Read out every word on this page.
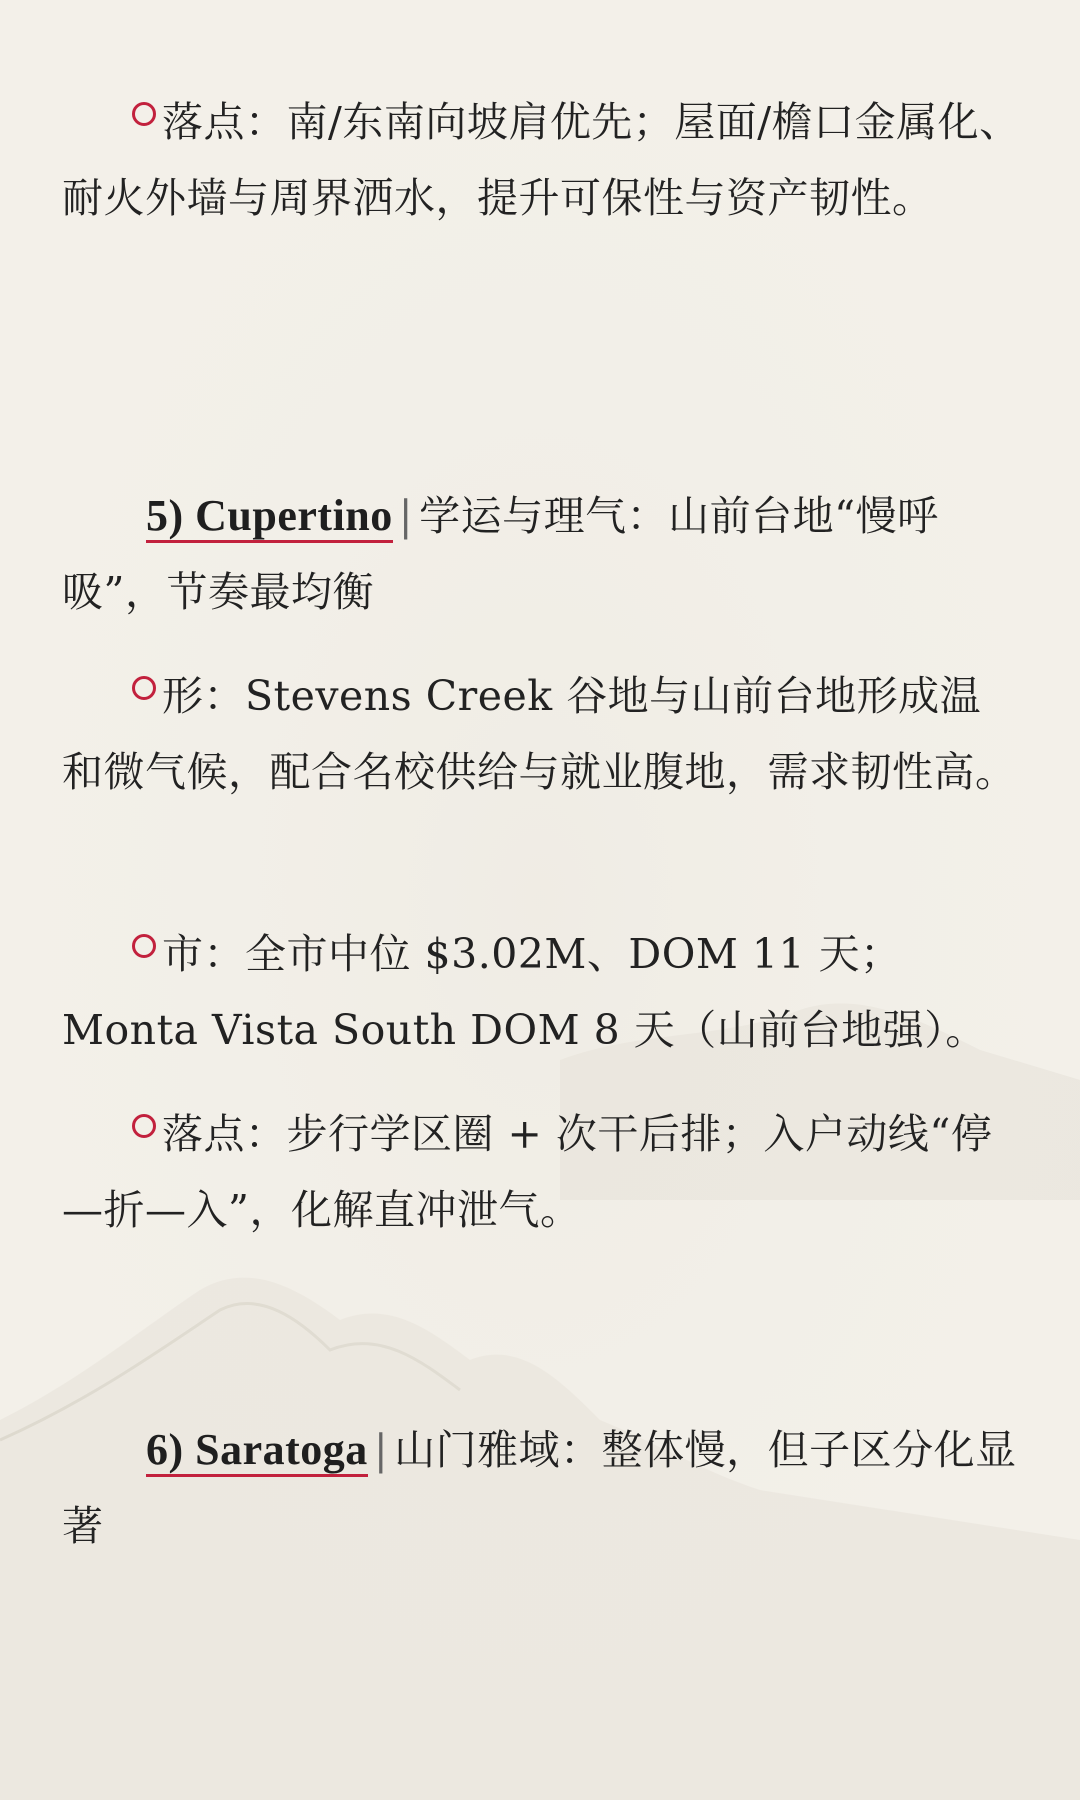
落点：南/东南向坡肩优先；屋面/檐口金属化、耐火外墙与周界洒水，提升可保性与资产韧性。
5) Cupertino | 学运与理气：山前台地“慢呼吸”，节奏最均衡
形：Stevens Creek 谷地与山前台地形成温和微气候，配合名校供给与就业腹地，需求韧性高。
市：全市中位 $3.02M、DOM 11 天；Monta Vista South DOM 8 天（山前台地强）。
落点：步行学区圈 + 次干后排；入户动线“停—折—入”，化解直冲泄气。
6) Saratoga | 山门雅域：整体慢，但子区分化显著
